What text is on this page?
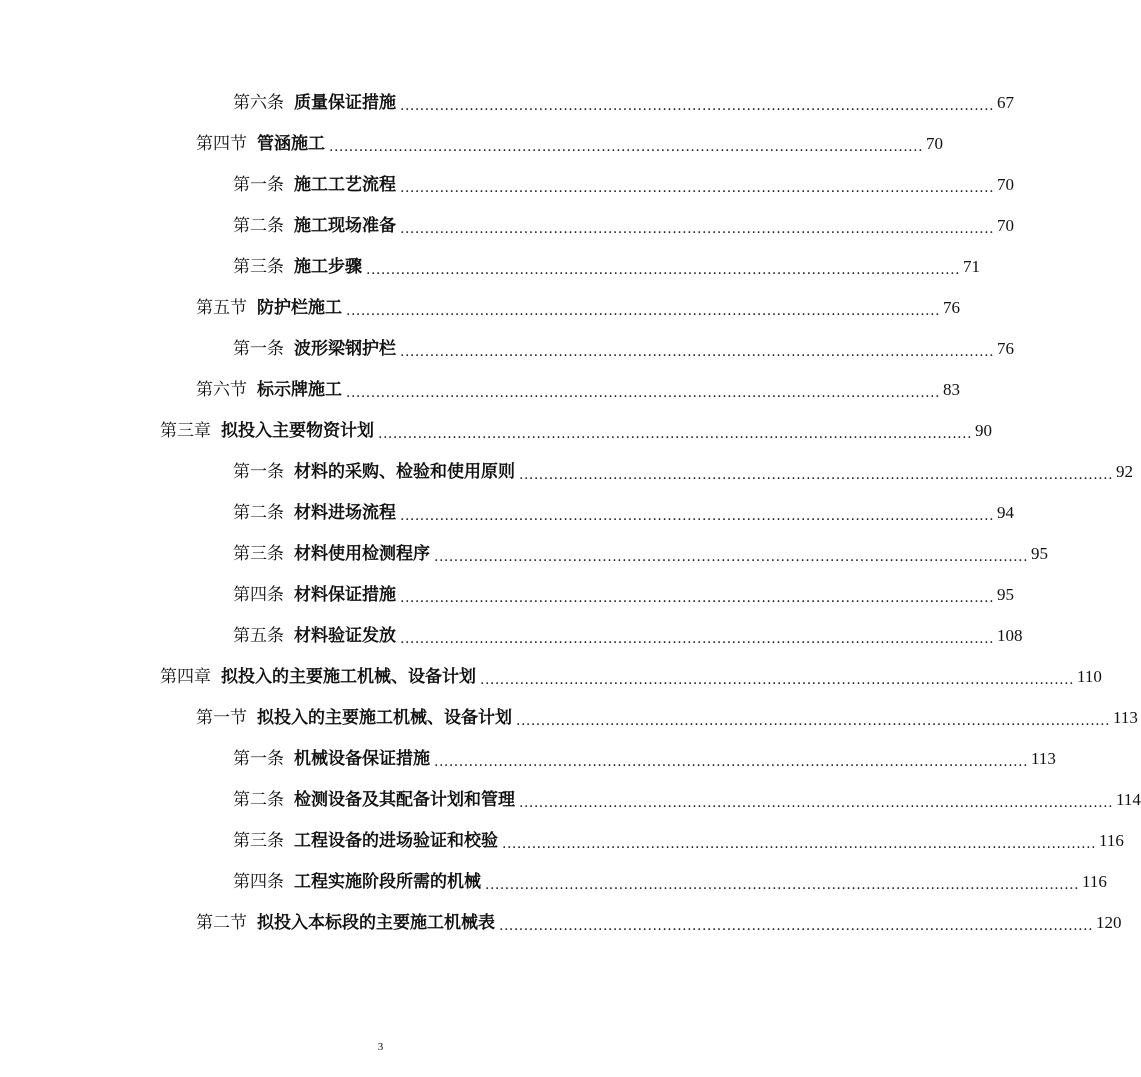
第六条 质量保证措施 ........................................................................................................................ 67
第四节 管涵施工 ........................................................................................................................ 70
第一条 施工工艺流程 ........................................................................................................................ 70
第二条 施工现场准备 ........................................................................................................................ 70
第三条 施工步骤 ........................................................................................................................ 71
第五节 防护栏施工 ........................................................................................................................ 76
第一条 波形梁钢护栏 ........................................................................................................................ 76
第六节 标示牌施工 ........................................................................................................................ 83
第三章 拟投入主要物资计划 ........................................................................................................................ 90
第一条 材料的采购、检验和使用原则 ........................................................................................................................ 92
第二条 材料进场流程 ........................................................................................................................ 94
第三条 材料使用检测程序 ........................................................................................................................ 95
第四条 材料保证措施 ........................................................................................................................ 95
第五条 材料验证发放 ........................................................................................................................ 108
第四章 拟投入的主要施工机械、设备计划 ........................................................................................................................ 110
第一节 拟投入的主要施工机械、设备计划 ........................................................................................................................ 113
第一条 机械设备保证措施 ........................................................................................................................ 113
第二条 检测设备及其配备计划和管理 ........................................................................................................................ 114
第三条 工程设备的进场验证和校验 ........................................................................................................................ 116
第四条 工程实施阶段所需的机械 ........................................................................................................................ 116
第二节 拟投入本标段的主要施工机械表 ........................................................................................................................ 120
3
